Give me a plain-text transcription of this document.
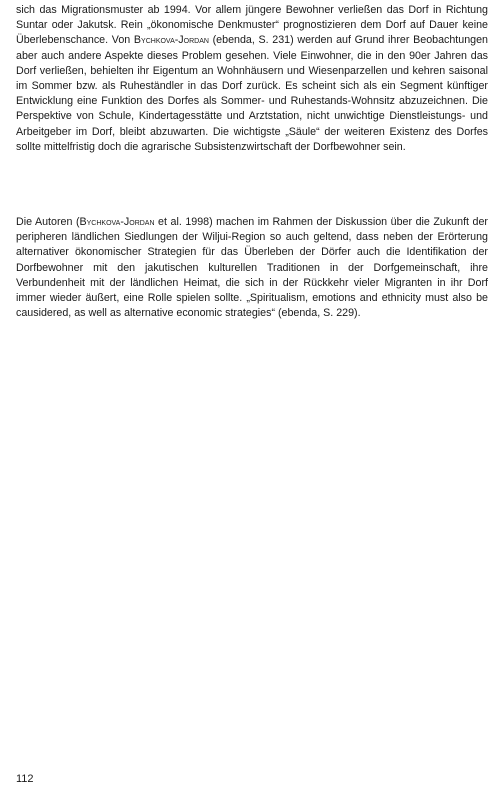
sich das Migrationsmuster ab 1994. Vor allem jüngere Bewohner verließen das Dorf in Richtung Suntar oder Jakutsk. Rein „ökonomische Denkmuster“ prognostizieren dem Dorf auf Dauer keine Überlebenschance. Von Bychkova-Jordan (ebenda, S. 231) werden auf Grund ihrer Beobachtungen aber auch andere Aspekte dieses Problem gesehen. Viele Einwohner, die in den 90er Jahren das Dorf verließen, behielten ihr Eigentum an Wohnhäusern und Wiesenparzellen und kehren saisonal im Sommer bzw. als Ruheständler in das Dorf zurück. Es scheint sich als ein Segment künftiger Entwicklung eine Funktion des Dorfes als Sommer- und Ruhestands-Wohnsitz abzuzeichnen. Die Perspektive von Schule, Kindertagesstätte und Arztstation, nicht unwichtige Dienstleistungs- und Arbeitgeber im Dorf, bleibt abzuwarten. Die wichtigste „Säule“ der weiteren Existenz des Dorfes sollte mittelfristig doch die agrarische Subsistenzwirtschaft der Dorfbewohner sein.

Die Autoren (Bychkova-Jordan et al. 1998) machen im Rahmen der Diskussion über die Zukunft der peripheren ländlichen Siedlungen der Wiljui-Region so auch geltend, dass neben der Erörterung alternativer ökonomischer Strategien für das Überleben der Dörfer auch die Identifikation der Dorfbewohner mit den jakutischen kulturellen Traditionen in der Dorfgemeinschaft, ihre Verbundenheit mit der ländlichen Heimat, die sich in der Rückkehr vieler Migranten in ihr Dorf immer wieder äußert, eine Rolle spielen sollte. „Spiritualism, emotions and ethnicity must also be causidered, as well as alternative economic strategies“ (ebenda, S. 229).

112
